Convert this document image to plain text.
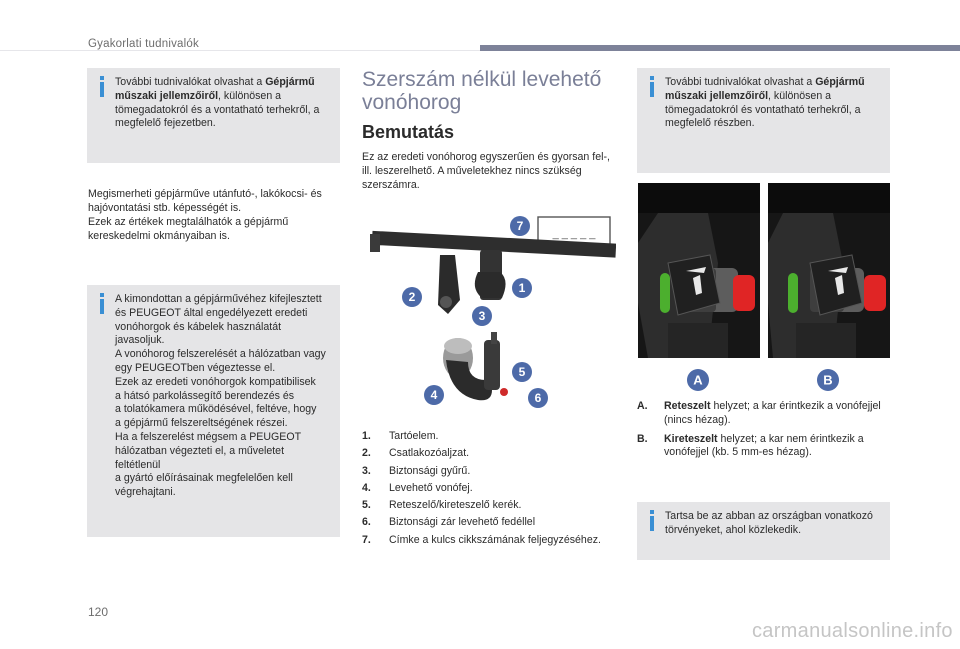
Gyakorlati tudnivalók
További tudnivalókat olvashat a Gépjármű műszaki jellemzőiről, különösen a tömegadatokról és a vontatható terhekről, a megfelelő fejezetben.
Megismerheti gépjárműve utánfutó-, lakókocsi- és hajóvontatási stb. képességét is.
Ezek az értékek megtalálhatók a gépjármű kereskedelmi okmányaiban is.
A kimondottan a gépjárművéhez kifejlesztett
és PEUGEOT által engedélyezett eredeti
vonóhorgok és kábelek használatát javasoljuk.
A vonóhorog felszerelését a hálózatban vagy
egy PEUGEOTben végeztesse el.
Ezek az eredeti vonóhorgok kompatibilisek
a hátsó parkolássegítő berendezés és
a tolatókamera működésével, feltéve, hogy
a gépjármű felszereltségének részei.
Ha a felszerelést mégsem a PEUGEOT
hálózatban végezteti el, a műveletet feltétlenül
a gyártó előírásainak megfelelően kell
végrehajtani.
Szerszám nélkül levehető vonóhorog
Bemutatás
Ez az eredeti vonóhorog egyszerűen és gyorsan fel-, ill. leszerelhető. A műveletekhez nincs szükség szerszámra.
_ _ _ _ _
1
2
3
4
5
6
7
1.	Tartóelem.
2.	Csatlakozóaljzat.
3.	Biztonsági gyűrű.
4.	Levehető vonófej.
5.	Reteszelő/kireteszelő kerék.
6.	Biztonsági zár levehető fedéllel
7.	Címke a kulcs cikkszámának feljegyzéséhez.
További tudnivalókat olvashat a Gépjármű műszaki jellemzőiről, különösen a tömegadatokról és vontatható terhekről, a megfelelő részben.
A	B
A.	Reteszelt helyzet; a kar érintkezik a vonófejjel (nincs hézag).
B.	Kireteszelt helyzet; a kar nem érintkezik a vonófejjel (kb. 5 mm-es hézag).
Tartsa be az abban az országban vonatkozó törvényeket, ahol közlekedik.
120
carmanualsonline.info
